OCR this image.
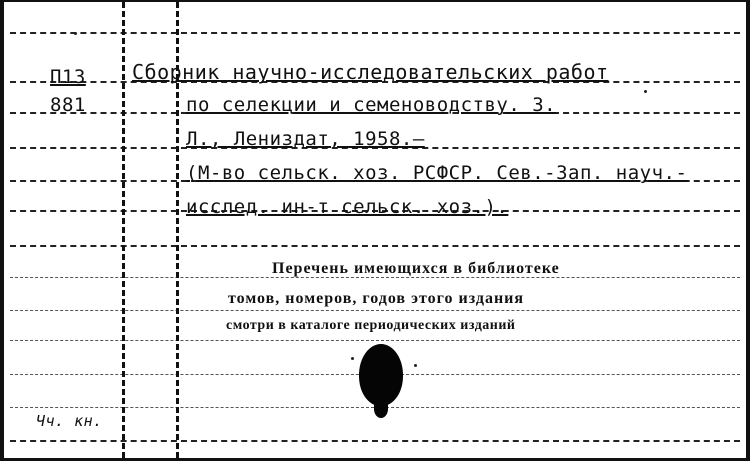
П13
881
Сборник научно-исследовательских работ
по селекции и семеноводству. 3.
Л., Лениздат, 1958.—
(М-во сельск. хоз. РСФСР. Сев.-Зап. науч.-
исслед. ин-т сельск. хоз.).
Перечень имеющихся в библиотеке
томов, номеров, годов этого издания
смотри в каталоге периодических изданий
Чч. кн.
